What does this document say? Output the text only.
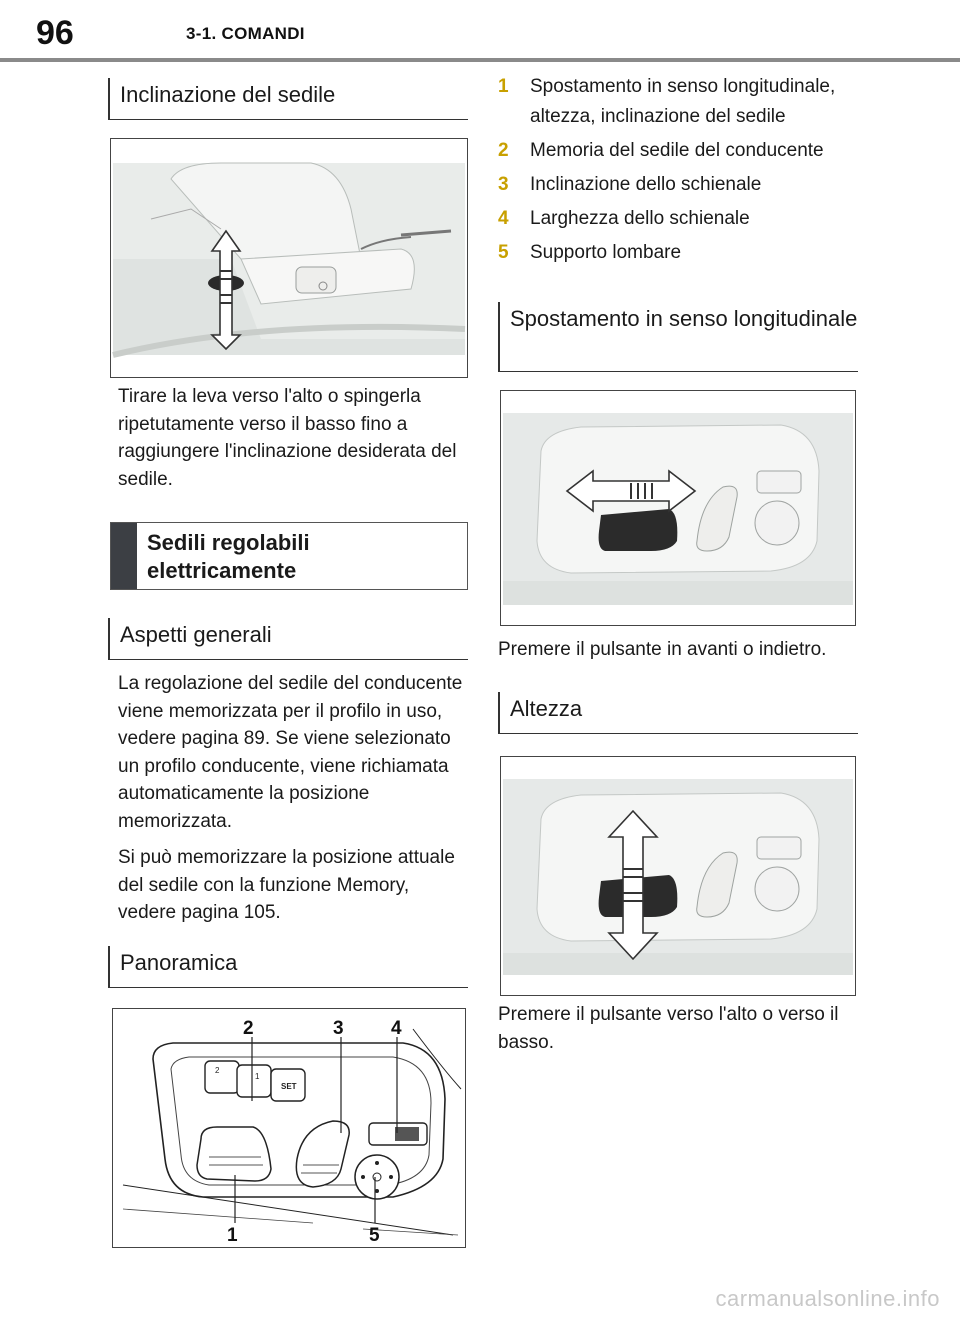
96	3-1. COMANDI
Inclinazione del sedile

Tirare la leva verso l'alto o spingerla ripetutamente verso il basso fino a raggiungere l'inclinazione desiderata del sedile.

Sedili regolabili elettricamente
Aspetti generali

La regolazione del sedile del conducente viene memorizzata per il profilo in uso, vedere pagina 89. Se viene selezionato un profilo conducente, viene richiamata automaticamente la posizione memorizzata.

Si può memorizzare la posizione attuale del sedile con la funzione Memory, vedere pagina 105.

Panoramica
2
1
SET
2	3 4
1	5
1	Spostamento in senso longitudinale, altezza, inclinazione del sedile
2	Memoria del sedile del conducente
3	Inclinazione dello schienale
4	Larghezza dello schienale
5	Supporto lombare
Spostamento in senso longitudinale

Premere il pulsante in avanti o indietro.

Altezza

Premere il pulsante verso l'alto o verso il basso.

carmanualsonline.info
